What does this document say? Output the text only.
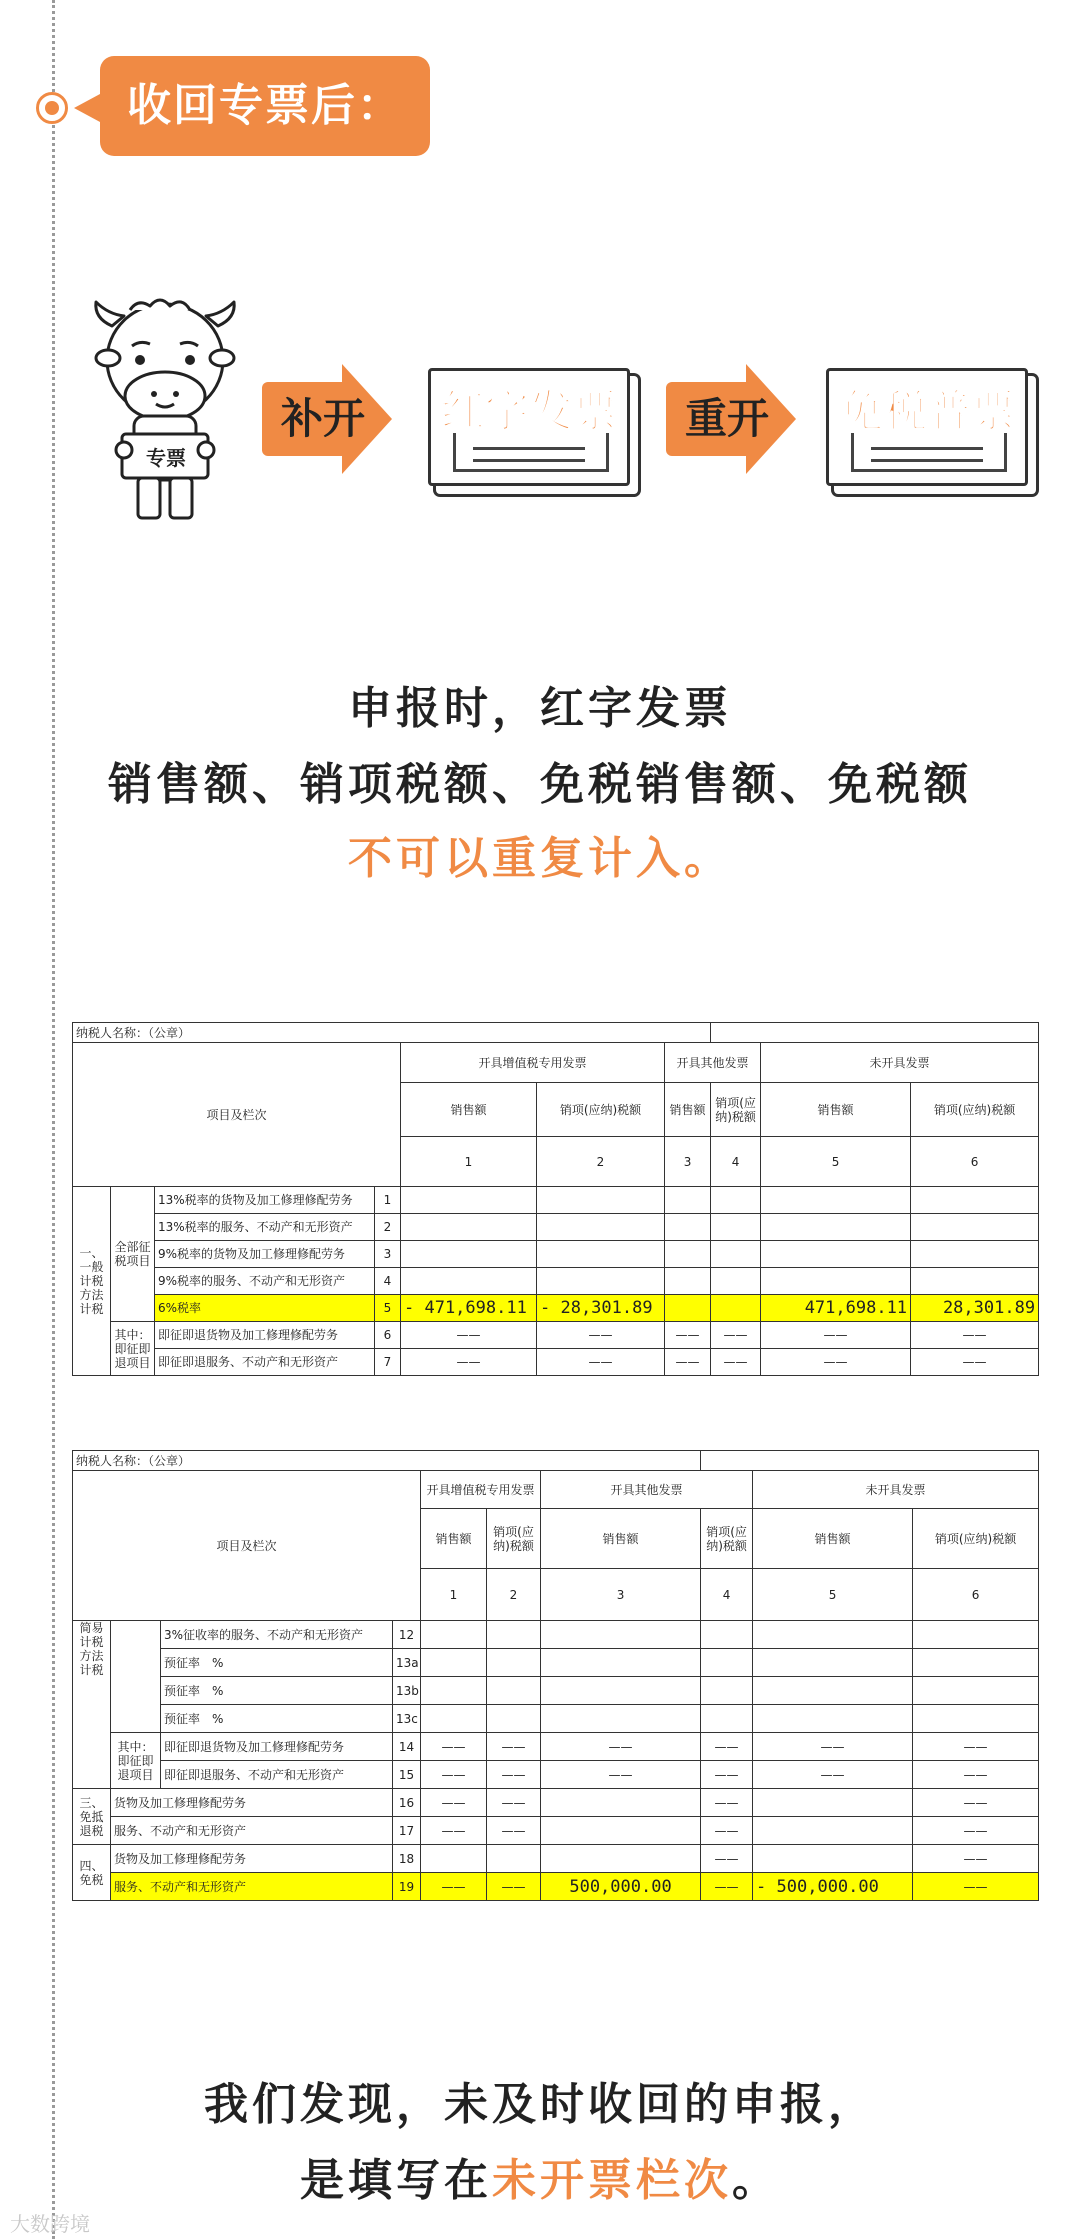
收回专票后：
专票
补开	红字发票	重开	免税普票
申报时，红字发票
销售额、销项税额、免税销售额、免税额
不可以重复计入。
纳税人名称：（公章）									
项目及栏次				开具增值税专用发票		开具其他发票		未开具发票	
				销售额	销项(应纳)税额	销售额	销项(应纳)税额	销售额	销项(应纳)税额
				1	2	3	4	5	6
一、一般计税方法计税	全部征税项目	13%税率的货物及加工修理修配劳务	1						
		13%税率的服务、不动产和无形资产	2						
		9%税率的货物及加工修理修配劳务	3						
		9%税率的服务、不动产和无形资产	4						
		6%税率	5	- 471,698.11	- 28,301.89			471,698.11	28,301.89
	其中：即征即退项目	即征即退货物及加工修理修配劳务	6	——	——	——	——	——	——
		即征即退服务、不动产和无形资产	7	——	——	——	——	——	——
纳税人名称：（公章）									
项目及栏次				开具增值税专用发票		开具其他发票		未开具发票	
				销售额	销项(应纳)税额	销售额	销项(应纳)税额	销售额	销项(应纳)税额
				1	2	3	4	5	6
简易计税方法计税		3%征收率的服务、不动产和无形资产	12						
		预征率　%	13a						
		预征率　%	13b						
		预征率　%	13c						
	其中：即征即退项目	即征即退货物及加工修理修配劳务	14	——	——	——	——	——	——
		即征即退服务、不动产和无形资产	15	——	——	——	——	——	——
三、免抵退税	货物及加工修理修配劳务		16	——	——		——		——
	服务、不动产和无形资产		17	——	——		——		——
四、免税	货物及加工修理修配劳务		18				——		——
	服务、不动产和无形资产		19	——	——	500,000.00	——	- 500,000.00	——
我们发现，未及时收回的申报，
是填写在未开票栏次。
大数跨境
